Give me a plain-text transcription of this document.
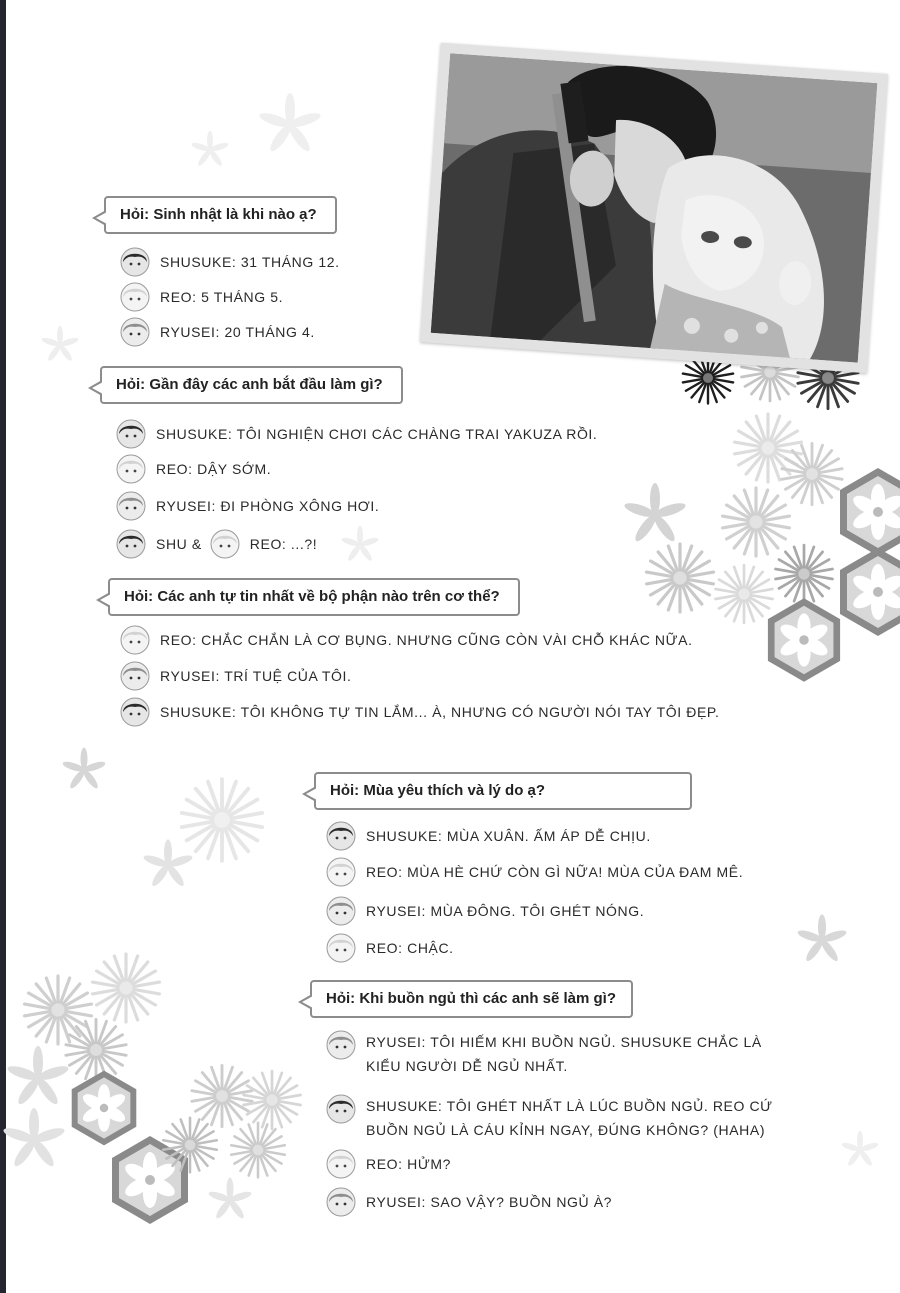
Hỏi: Sinh nhật là khi nào ạ?
SHUSUKE: 31 THÁNG 12.
REO: 5 THÁNG 5.
RYUSEI: 20 THÁNG 4.
Hỏi: Gần đây các anh bắt đầu làm gì?
SHUSUKE: TÔI NGHIỆN CHƠI CÁC CHÀNG TRAI YAKUZA RỒI.
REO: DẬY SỚM.
RYUSEI: ĐI PHÒNG XÔNG HƠI.
SHU &	REO: ...?!
Hỏi: Các anh tự tin nhất về bộ phận nào trên cơ thể?
REO: CHẮC CHẮN LÀ CƠ BỤNG. NHƯNG CŨNG CÒN VÀI CHỖ KHÁC NỮA.
RYUSEI: TRÍ TUỆ CỦA TÔI.
SHUSUKE: TÔI KHÔNG TỰ TIN LẮM... À, NHƯNG CÓ NGƯỜI NÓI TAY TÔI ĐẸP.
Hỏi: Mùa yêu thích và lý do ạ?
SHUSUKE: MÙA XUÂN. ẤM ÁP DỄ CHỊU.
REO: MÙA HÈ CHỨ CÒN GÌ NỮA! MÙA CỦA ĐAM MÊ.
RYUSEI: MÙA ĐÔNG. TÔI GHÉT NÓNG.
REO: CHẬC.
Hỏi: Khi buồn ngủ thì các anh sẽ làm gì?
RYUSEI: TÔI HIẾM KHI BUỒN NGỦ. SHUSUKE CHẮC LÀ KIỂU NGƯỜI DỄ NGỦ NHẤT.
SHUSUKE: TÔI GHÉT NHẤT LÀ LÚC BUỒN NGỦ. REO CỨ BUỒN NGỦ LÀ CÁU KỈNH NGAY, ĐÚNG KHÔNG? (HAHA)
REO: HỬM?
RYUSEI: SAO VẬY? BUỒN NGỦ À?
